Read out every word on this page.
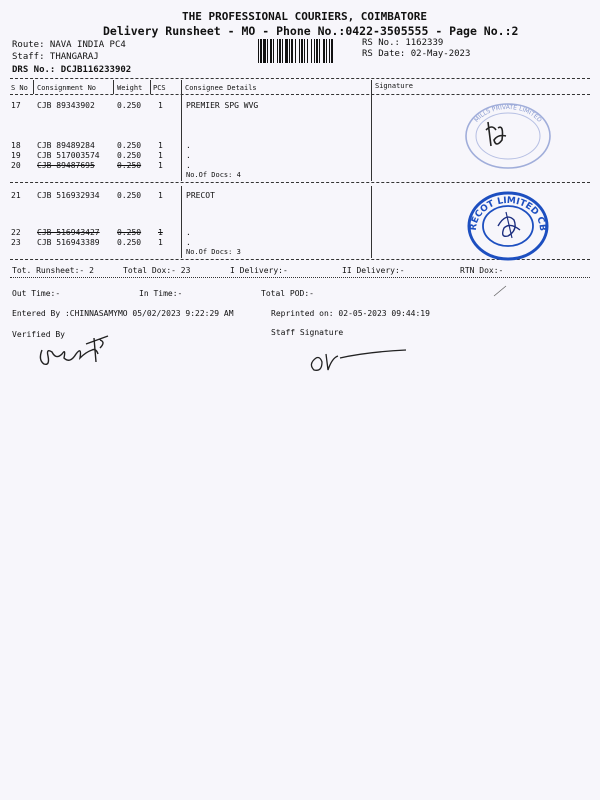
THE PROFESSIONAL COURIERS, COIMBATORE
Delivery Runsheet - MO - Phone No.:0422-3505555 - Page No.:2
Route: NAVA INDIA PC4
Staff: THANGARAJ
DRS No.: DCJB116233902
RS No.: 1162339
RS Date: 02-May-2023
S No Consignment No	Weight PCS	Consignee Details	Signature
17 CJB 89343902	0.250 1	PREMIER SPG WVG
18 CJB 89489284	0.250 1	.
19 CJB 517003574 0.250 1	.
20 CJB 89487695	0.250 1	.
No.Of Docs: 4
21 CJB 516932934 0.250 1	PRECOT
22 CJB 516943427 0.250 1	.
23 CJB 516943389 0.250 1	.
No.Of Docs: 3
MILLS PRIVATE LIMITED
PRECOT LIMITED CBE
Tot. Runsheet:- 2	Total Dox:- 23	I Delivery:-	II Delivery:-	RTN Dox:-
Out Time:-	In Time:-	Total POD:-
Entered By :CHINNASAMYMO 05/02/2023 9:22:29 AM	Reprinted on: 02-05-2023 09:44:19
Verified By	Staff Signature
